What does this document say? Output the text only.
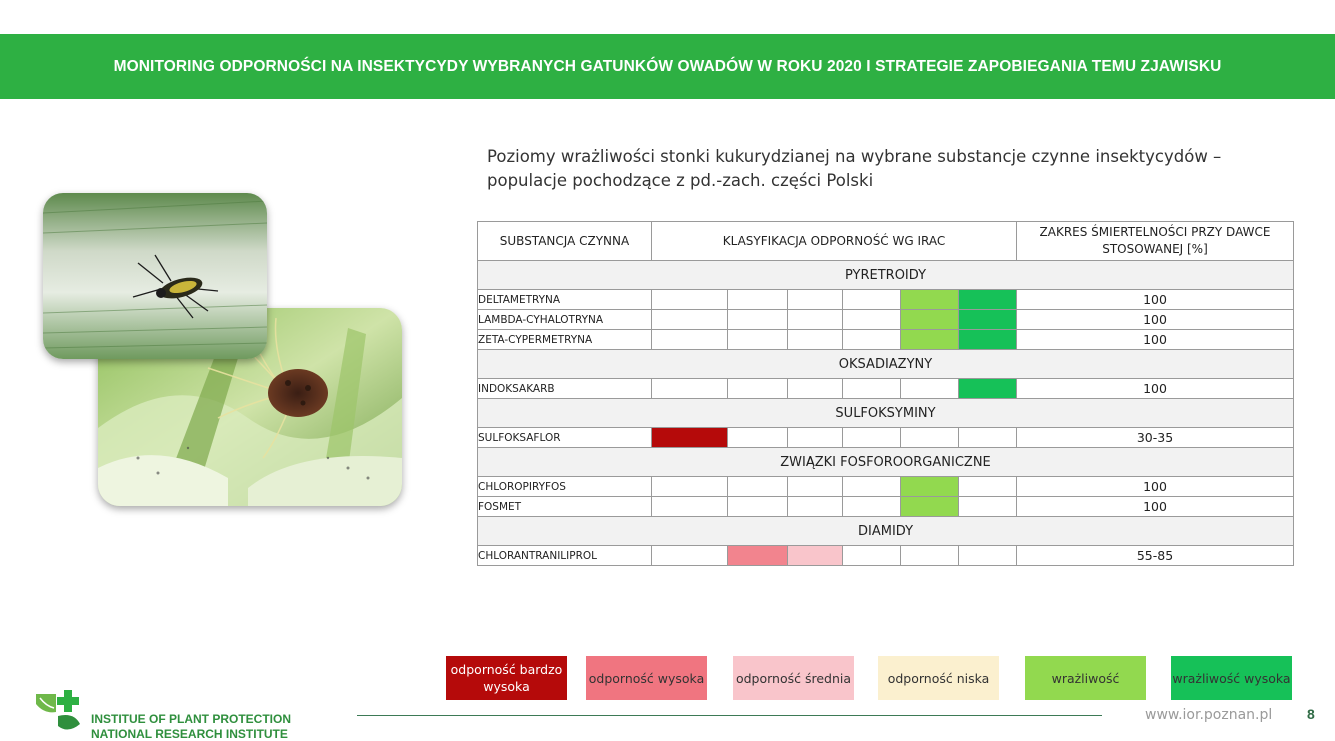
MONITORING ODPORNOŚCI NA INSEKTYCYDY WYBRANYCH GATUNKÓW OWADÓW W ROKU 2020 I STRATEGIE ZAPOBIEGANIA TEMU ZJAWISKU

Poziomy wrażliwości stonki kukurydzianej na wybrane substancje czynne insektycydów – populacje pochodzące z pd.-zach. części Polski

SUBSTANCJA CZYNNA	KLASYFIKACJA ODPORNOŚĆ WG IRAC						ZAKRES ŚMIERTELNOŚCI PRZY DAWCE STOSOWANEJ [%]
PYRETROIDY							
DELTAMETRYNA							100
LAMBDA-CYHALOTRYNA							100
ZETA-CYPERMETRYNA							100
OKSADIAZYNY							
INDOKSAKARB							100
SULFOKSYMINY							
SULFOKSAFLOR							30-35
ZWIĄZKI FOSFOROORGANICZNE							
CHLOROPIRYFOS							100
FOSMET							100
DIAMIDY							
CHLORANTRANILIPROL							55-85
odporność bardzo wysoka
odporność wysoka	odporność średnia	odporność niska	wrażliwość	wrażliwość wysoka
INSTITUE OF PLANT PROTECTION
NATIONAL RESEARCH INSTITUTE
www.ior.poznan.pl 8
